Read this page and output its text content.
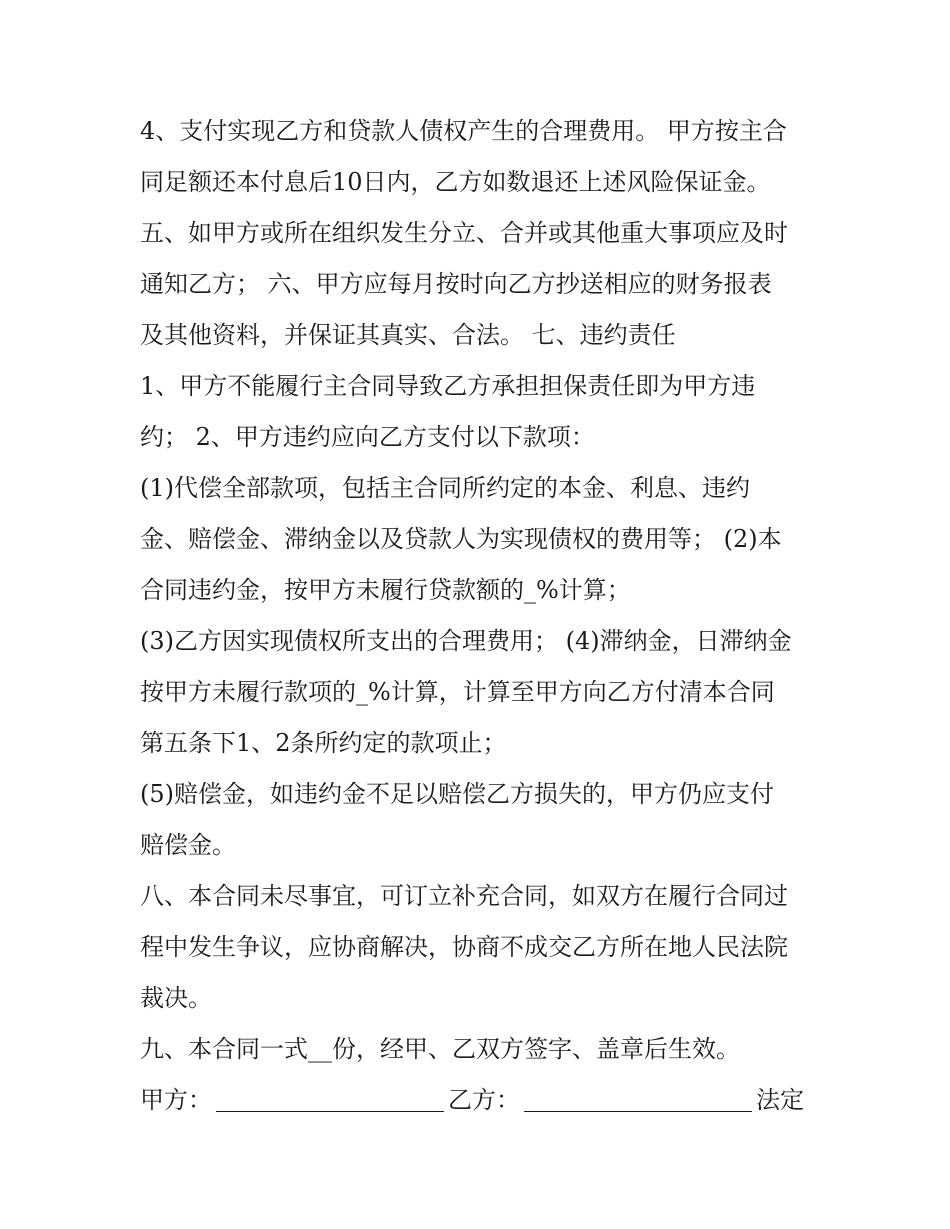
4、支付实现乙方和贷款人债权产生的合理费用。 甲方按主合
同足额还本付息后10日内，乙方如数退还上述风险保证金。
五、如甲方或所在组织发生分立、合并或其他重大事项应及时
通知乙方； 六、甲方应每月按时向乙方抄送相应的财务报表
及其他资料，并保证其真实、合法。 七、违约责任
1、甲方不能履行主合同导致乙方承担担保责任即为甲方违
约； 2、甲方违约应向乙方支付以下款项：
(1)代偿全部款项，包括主合同所约定的本金、利息、违约
金、赔偿金、滞纳金以及贷款人为实现债权的费用等； (2)本
合同违约金，按甲方未履行贷款额的_%计算；
(3)乙方因实现债权所支出的合理费用； (4)滞纳金，日滞纳金
按甲方未履行款项的_%计算，计算至甲方向乙方付清本合同
第五条下1、2条所约定的款项止；
(5)赔偿金，如违约金不足以赔偿乙方损失的，甲方仍应支付
赔偿金。
八、本合同未尽事宜，可订立补充合同，如双方在履行合同过
程中发生争议，应协商解决，协商不成交乙方所在地人民法院
裁决。
九、本合同一式__份，经甲、乙双方签字、盖章后生效。
甲方：	乙方：	法定
